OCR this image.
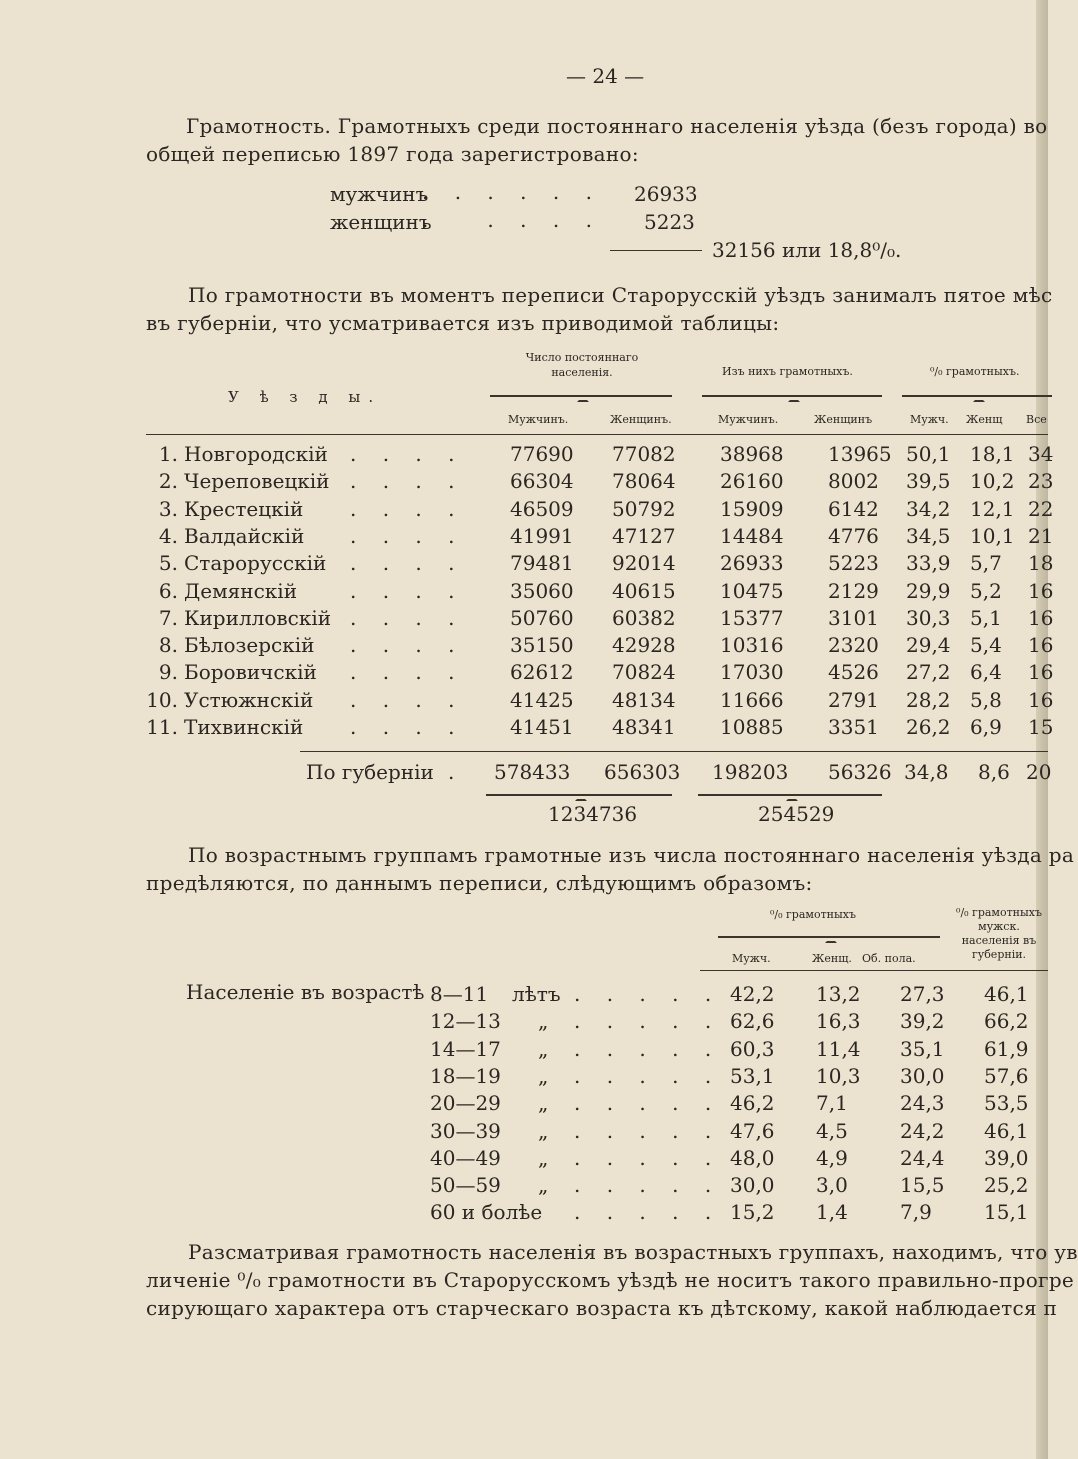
— 24 —
Грамотность. Грамотныхъ среди постояннаго населенія уѣзда (безъ города) во
общей переписью 1897 года зарегистровано:
мужчинъ
. . . . . . 26933
женщинъ
.   . . . . 5223
32156 или 18,8⁰/₀.
По грамотности въ моментъ переписи Старорусскій уѣздъ занималъ пятое мѣс
въ губерніи, что усматривается изъ приводимой таблицы:
У ѣ з д ы.
Число постояннаго населенія.	Изъ нихъ грамотныхъ.	⁰/₀ грамотныхъ.
Мужчинъ.	Женщинъ.	Мужчинъ.	Женщинъ	Мужч. Женщ Все
1. Новгородскій	77690 77082 38968 13965 50,1 18,1 34
. . . .
2. Череповецкій	66304 78064 26160 8002 39,5 10,2 23
. . . .
3. Крестецкій	46509 50792 15909 6142 34,2 12,1 22
. . . .
4. Валдайскій	41991 47127 14484 4776 34,5 10,1 21
. . . .
5. Старорусскій	79481 92014 26933 5223 33,9 5,7 18
. . . .
6. Демянскій	35060 40615 10475 2129 29,9 5,2 16
. . . .
7. Кирилловскій	50760 60382 15377 3101 30,3 5,1 16
. . . .
8. Бѣлозерскій	35150 42928 10316 2320 29,4 5,4 16
. . . .
9. Боровичскій	62612 70824 17030 4526 27,2 6,4 16
. . . .
10. Устюжнскій	41425 48134 11666 2791 28,2 5,8 16
. . . .
11. Тихвинскій	41451 48341 10885 3351 26,2 6,9 15
. . . .
По губерніи . 578433 656303 198203 56326 34,8 8,6 20
1234736	254529
По возрастнымъ группамъ грамотные изъ числа постояннаго населенія уѣзда ра
предѣляются, по даннымъ переписи, слѣдующимъ образомъ:
⁰/₀ грамотныхъ	⁰/₀ грамотныхъ мужск. населенія въ губерніи.
Мужч.	Женщ. Об. пола.
Населеніе въ возрастѣ 8—11 лѣтъ	42,2 13,2 27,3 46,1
. . . . .
12—13 „	62,6 16,3 39,2 66,2
. . . . .
14—17 „	60,3 11,4 35,1 61,9
. . . . .
18—19 „	53,1 10,3 30,0 57,6
. . . . .
20—29 „	46,2 7,1	24,3 53,5
. . . . .
30—39 „	47,6 4,5	24,2 46,1
. . . . .
40—49 „	48,0 4,9	24,4 39,0
. . . . .
50—59 „	30,0 3,0	15,5 25,2
. . . . .
60 и болѣе	15,2 1,4	7,9	15,1
. . . . .
Разсматривая грамотность населенія въ возрастныхъ группахъ, находимъ, что ув
личеніе ⁰/₀ грамотности въ Старорусскомъ уѣздѣ не носитъ такого правильно-прогре
сирующаго характера отъ старческаго возраста къ дѣтскому, какой наблюдается п
